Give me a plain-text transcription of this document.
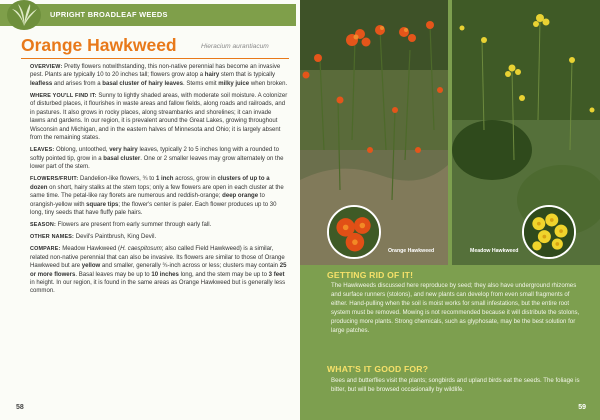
UPRIGHT BROADLEAF WEEDS
Orange Hawkweed	Hieracium aurantiacum

OVERVIEW: Pretty flowers notwithstanding, this non-native perennial has become an invasive pest. Plants are typically 10 to 20 inches tall; flowers grow atop a hairy stem that is typically leafless and arises from a basal cluster of hairy leaves. Stems emit milky juice when broken.

WHERE YOU'LL FIND IT: Sunny to lightly shaded areas, with moderate soil moisture. A colonizer of disturbed places, it flourishes in waste areas and fallow fields, along roads and railroads, and in pastures. It also grows in rocky places, along streambanks and shorelines; it can invade lawns and gardens. In our region, it is prevalent around the Great Lakes, growing throughout Wisconsin and Michigan, and in the eastern halves of Minnesota and Ohio; it is largely absent from the remaining states.

LEAVES: Oblong, untoothed, very hairy leaves, typically 2 to 5 inches long with a rounded to softly pointed tip, grow in a basal cluster. One or 2 smaller leaves may grow alternately on the lower part of the stem.

FLOWERS/FRUIT: Dandelion-like flowers, ¾ to 1 inch across, grow in clusters of up to a dozen on short, hairy stalks at the stem tops; only a few flowers are open in each cluster at the same time. The petal-like ray florets are numerous and reddish-orange; deep orange to orangish-yellow with square tips; the flower's center is paler. Each flower produces up to 30 long, tiny seeds that have fluffy pale hairs.

SEASON: Flowers are present from early summer through early fall.

OTHER NAMES: Devil's Paintbrush, King Devil.

COMPARE: Meadow Hawkweed (H. caespitosum; also called Field Hawkweed) is a similar, related non-native perennial that can also be invasive. Its flowers are similar to those of Orange Hawkweed but are yellow and smaller, generally ¾-inch across or less; clusters may contain 25 or more flowers. Basal leaves may be up to 10 inches long, and the stem may be up to 3 feet in height. In our region, it is found in the same areas as Orange Hawkweed but is generally less common.

58
Orange Hawkweed	Meadow Hawkweed
GETTING RID OF IT!
The Hawkweeds discussed here reproduce by seed; they also have underground rhizomes and surface runners (stolons), and new plants can develop from even small fragments of either. Hand-pulling when the soil is moist works for small infestations, but the entire root system must be removed. Mowing is not recommended because it will distribute the stolons, producing more plants. Strong chemicals, such as glyphosate, may be the best solution for large patches.
WHAT'S IT GOOD FOR?
Bees and butterflies visit the plants; songbirds and upland birds eat the seeds. The foliage is bitter, but will be browsed occasionally by wildlife.
59
